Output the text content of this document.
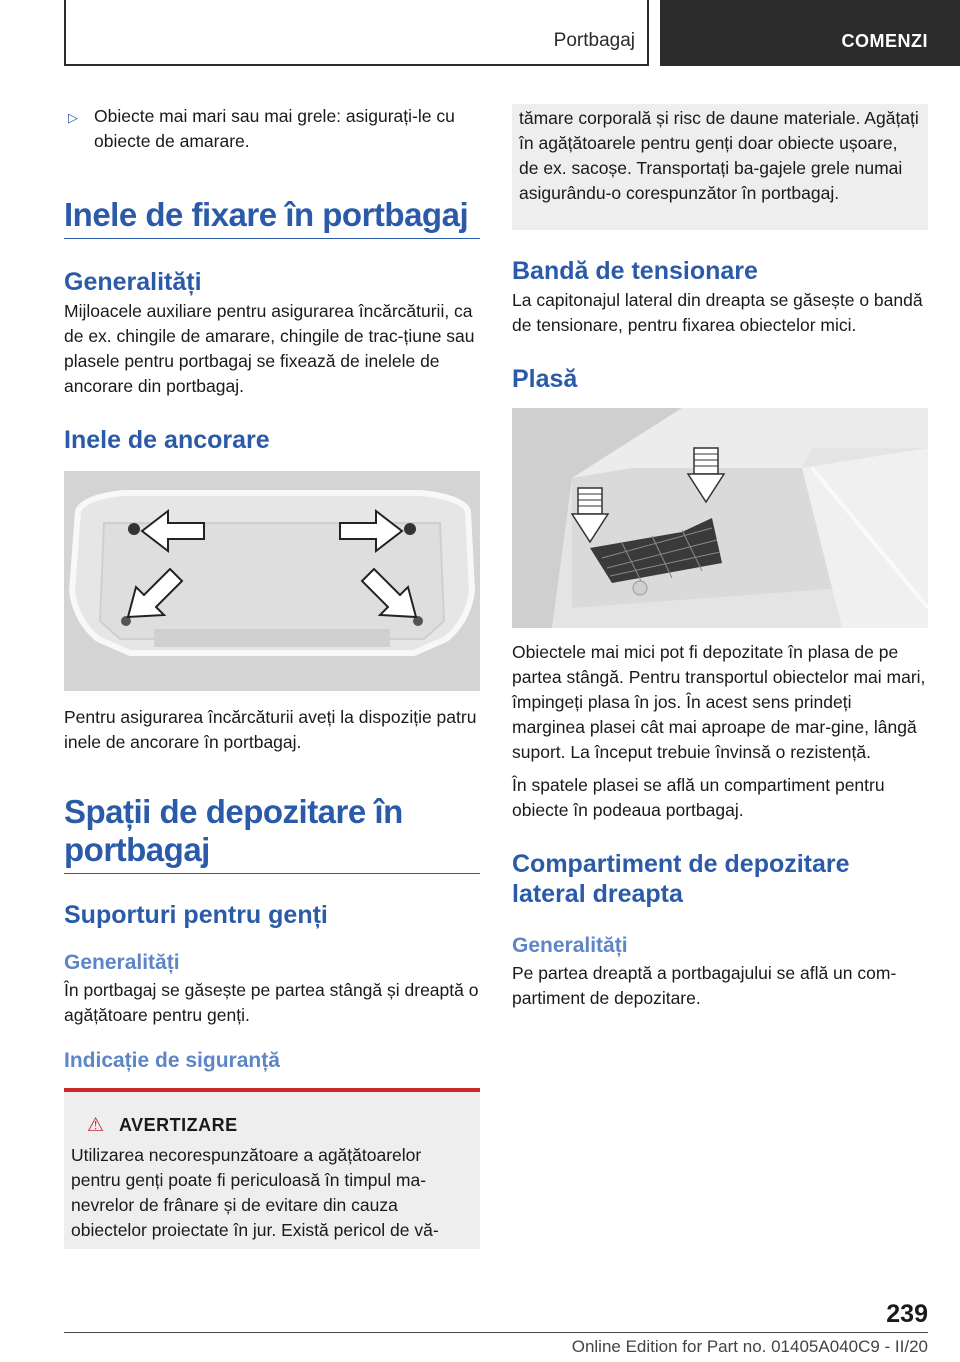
Portbagaj	COMENZI
▷ Obiecte mai mari sau mai grele: asigurați-le cu obiecte de amarare.
Inele de fixare în portbagaj
Generalități

Mijloacele auxiliare pentru asigurarea încărcăturii, ca de ex. chingile de amarare, chingile de trac‐țiune sau plasele pentru portbagaj se fixează de inelele de ancorare din portbagaj.

Inele de ancorare

Pentru asigurarea încărcăturii aveți la dispoziție patru inele de ancorare în portbagaj.

Spații de depozitare în portbagaj
Suporturi pentru genți
Generalități

În portbagaj se găsește pe partea stângă și dreaptă o agățătoare pentru genți.

Indicație de siguranță
⚠ AVERTIZARE

Utilizarea necorespunzătoare a agățătoarelor pentru genți poate fi periculoasă în timpul ma‐nevrelor de frânare și de evitare din cauza obiectelor proiectate în jur. Există pericol de vă‐

tămare corporală și risc de daune materiale. Agățați în agățătoarele pentru genți doar obiecte ușoare, de ex. sacoșe. Transportați ba‐gajele grele numai asigurându-o corespunzător în portbagaj.

Bandă de tensionare

La capitonajul lateral din dreapta se găsește o bandă de tensionare, pentru fixarea obiectelor mici.

Plasă

Obiectele mai mici pot fi depozitate în plasa de pe partea stângă. Pentru transportul obiectelor mai mari, împingeți plasa în jos. În acest sens prindeți marginea plasei cât mai aproape de mar‐gine, lângă suport. La început trebuie învinsă o rezistență.

În spatele plasei se află un compartiment pentru obiecte în podeaua portbagaj.

Compartiment de depozitare lateral dreapta
Generalități

Pe partea dreaptă a portbagajului se află un com‐partiment de depozitare.

239
Online Edition for Part no. 01405A040C9 - II/20
